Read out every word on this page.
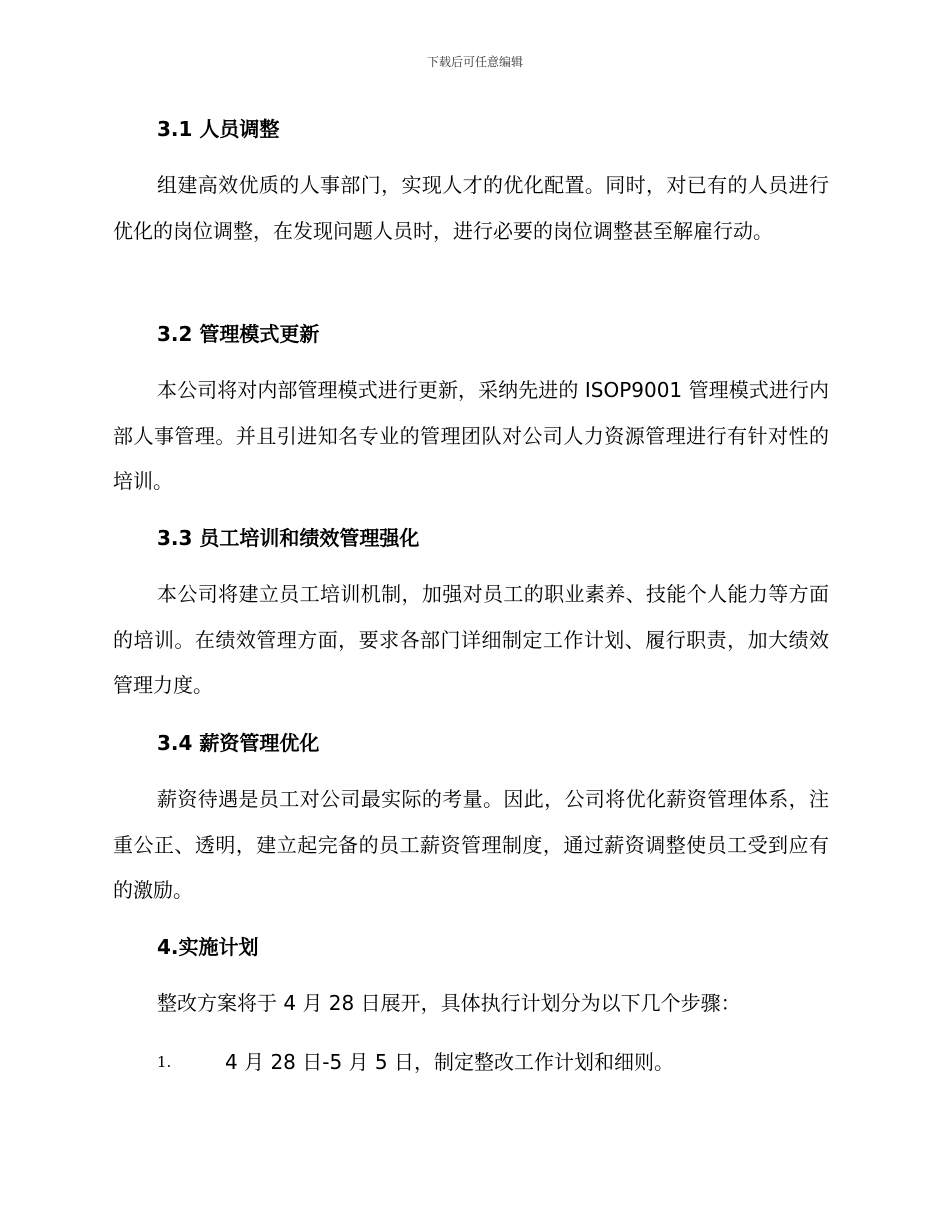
下载后可任意编辑
3.1 人员调整

组建高效优质的人事部门，实现人才的优化配置。同时，对已有的人员进行优化的岗位调整，在发现问题人员时，进行必要的岗位调整甚至解雇行动。

3.2 管理模式更新

本公司将对内部管理模式进行更新，采纳先进的 ISOP9001 管理模式进行内部人事管理。并且引进知名专业的管理团队对公司人力资源管理进行有针对性的培训。

3.3 员工培训和绩效管理强化

本公司将建立员工培训机制，加强对员工的职业素养、技能个人能力等方面的培训。在绩效管理方面，要求各部门详细制定工作计划、履行职责，加大绩效管理力度。

3.4 薪资管理优化

薪资待遇是员工对公司最实际的考量。因此，公司将优化薪资管理体系，注重公正、透明，建立起完备的员工薪资管理制度，通过薪资调整使员工受到应有的激励。

4.实施计划
整改方案将于 4 月 28 日展开，具体执行计划分为以下几个步骤：
1.	4 月 28 日-5 月 5 日，制定整改工作计划和细则。
